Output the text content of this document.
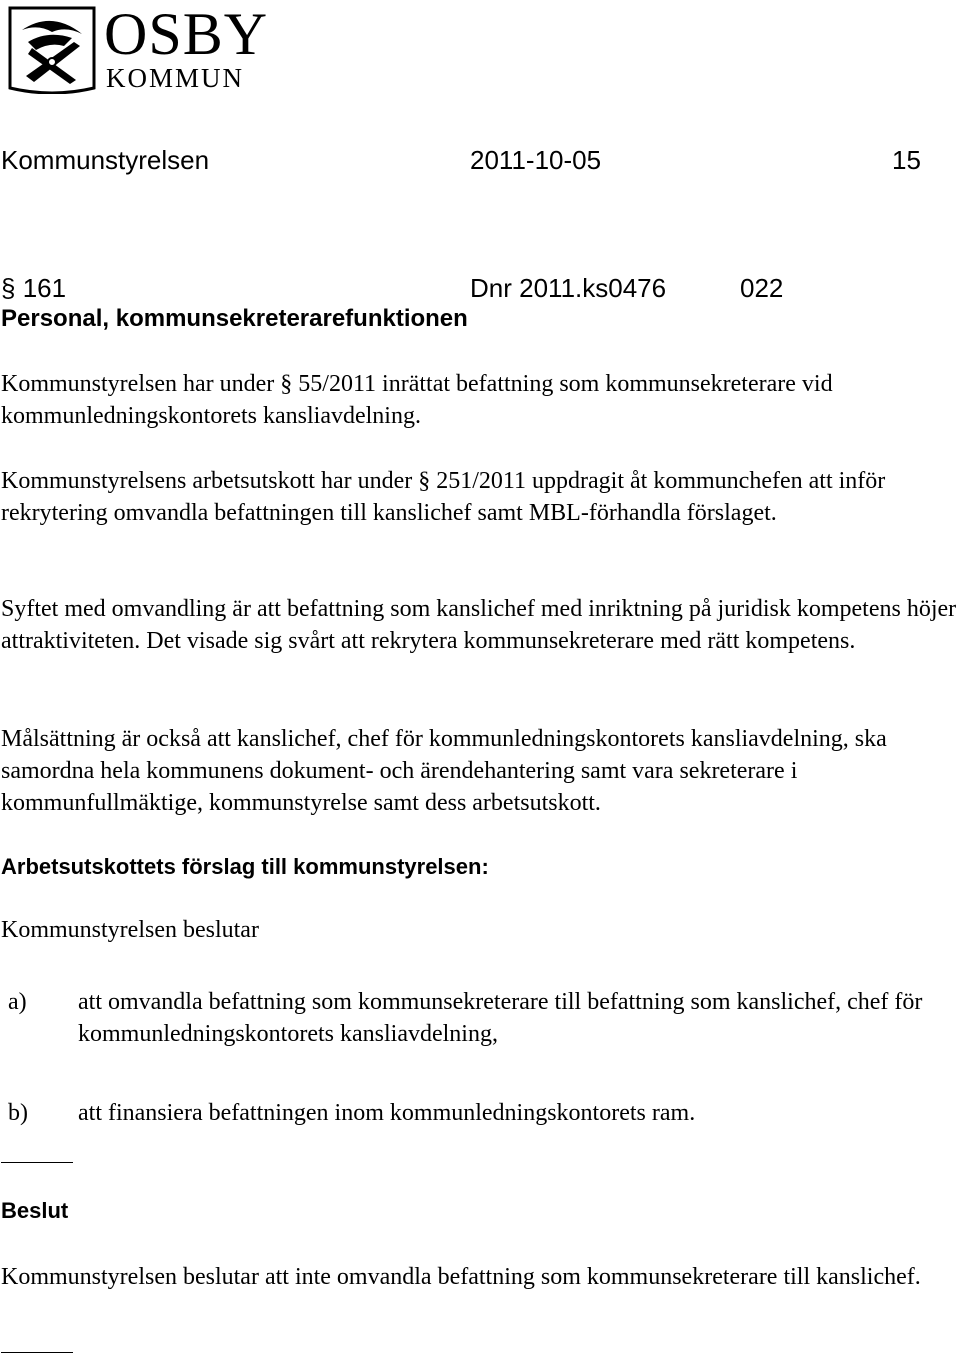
OSBY
KOMMUN
Kommunstyrelsen	2011-10-05	15
§ 161	Dnr 2011.ks0476	022
Personal, kommunsekreterarefunktionen

Kommunstyrelsen har under § 55/2011 inrättat befattning som kommunsekreterare vid kommunledningskontorets kansliavdelning.

Kommunstyrelsens arbetsutskott har under § 251/2011 uppdragit åt kommunchefen att inför rekrytering omvandla befattningen till kanslichef samt MBL-förhandla förslaget.

Syftet med omvandling är att befattning som kanslichef med inriktning på juridisk kompetens höjer attraktiviteten. Det visade sig svårt att rekrytera kommunsekreterare med rätt kompetens.

Målsättning är också att kanslichef, chef för kommunledningskontorets kansliavdelning, ska samordna hela kommunens dokument- och ärendehantering samt vara sekreterare i kommunfullmäktige, kommunstyrelse samt dess arbetsutskott.

Arbetsutskottets förslag till kommunstyrelsen:

Kommunstyrelsen beslutar

a) att omvandla befattning som kommunsekreterare till befattning som kanslichef, chef för kommunledningskontorets kansliavdelning,

b) att finansiera befattningen inom kommunledningskontorets ram.

Beslut

Kommunstyrelsen beslutar att inte omvandla befattning som kommunsekreterare till kanslichef.
